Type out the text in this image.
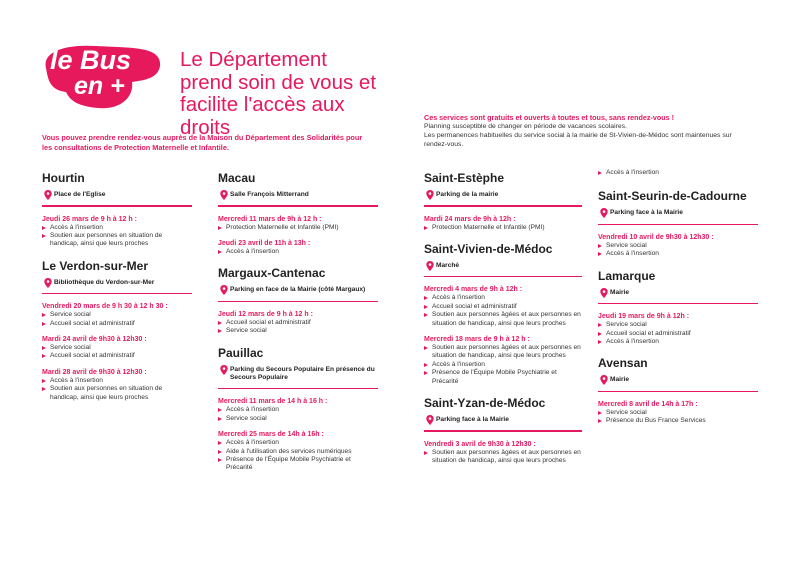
le Bus
en +
Le Département prend soin de vous et facilite l'accès aux droits
Vous pouvez prendre rendez-vous auprès de la Maison du Département des Solidarités pour les consultations de Protection Maternelle et Infantile.
Ces services sont gratuits et ouverts à toutes et tous, sans rendez-vous !
Planning susceptible de changer en période de vacances scolaires.
Les permanences habituelles du service social à la mairie de St-Vivien-de-Médoc sont maintenues sur rendez-vous.
Hourtin
Place de l'Eglise
Jeudi 26 mars de 9 h à 12 h :
Accès à l'insertion
Soutien aux personnes en situation de handicap, ainsi que leurs proches
Le Verdon-sur-Mer
Bibliothèque du Verdon-sur-Mer
Vendredi 20 mars de 9 h 30 à 12 h 30 :
Service social
Accueil social et administratif
Mardi 24 avril de 9h30 à 12h30 :
Service social
Accueil social et administratif
Mardi 28 avril de 9h30 à 12h30 :
Accès à l'insertion
Soutien aux personnes en situation de handicap, ainsi que leurs proches
Macau
Salle François Mitterrand
Mercredi 11 mars de 9h à 12 h :
Protection Maternelle et Infantile (PMI)
Jeudi 23 avril de 11h à 13h :
Accès à l'insertion
Margaux-Cantenac
Parking en face de la Mairie (côté Margaux)
Jeudi 12 mars de 9 h à 12 h :
Accueil social et administratif
Service social
Pauillac
Parking du Secours Populaire En présence du Secours Populaire
Mercredi 11 mars de 14 h à 16 h :
Accès à l'insertion
Service social
Mercredi 25 mars de 14h à 16h :
Accès à l'insertion
Aide à l'utilisation des services numériques
Présence de l'Équipe Mobile Psychiatrie et Précarité
Saint-Estèphe
Parking de la mairie
Mardi 24 mars de 9h à 12h :
Protection Maternelle et Infantile (PMI)
Saint-Vivien-de-Médoc
Marché
Mercredi 4 mars de 9h à 12h :
Accès à l'insertion
Accueil social et administratif
Soutien aux personnes âgées et aux personnes en situation de handicap, ainsi que leurs proches
Mercredi 18 mars de 9 h à 12 h :
Soutien aux personnes âgées et aux personnes en situation de handicap, ainsi que leurs proches
Accès à l'insertion
Présence de l'Équipe Mobile Psychiatrie et Précarité
Saint-Yzan-de-Médoc
Parking face à la Mairie
Vendredi 3 avril de 9h30 à 12h30 :
Soutien aux personnes âgées et aux personnes en situation de handicap, ainsi que leurs proches
Accès à l'insertion
Saint-Seurin-de-Cadourne
Parking face à la Mairie
Vendredi 10 avril de 9h30 à 12h30 :
Service social
Accès à l'insertion
Lamarque
Mairie
Jeudi 19 mars de 9h à 12h :
Service social
Accueil social et administratif
Accès à l'insertion
Avensan
Mairie
Mercredi 8 avril de 14h à 17h :
Service social
Présence du Bus France Services
